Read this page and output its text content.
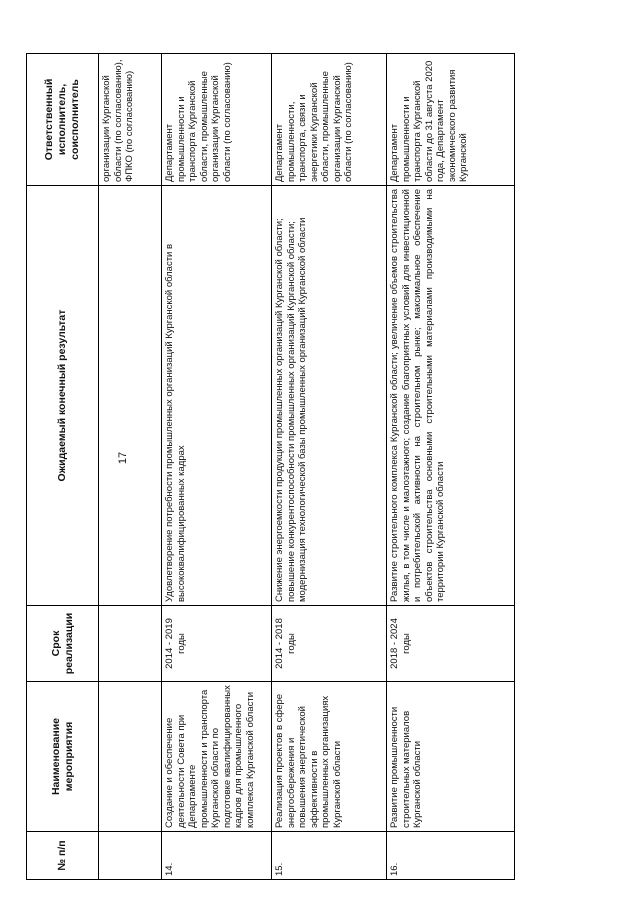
17
№ п/п	Наименование мероприятия	Срок реализации	Ожидаемый конечный результат	Ответственный исполнитель, соисполнитель
				организации Курганской области (по согласованию), ФПКО (по согласованию)
14.	Создание и обеспечение деятельности Совета при Департаменте промышленности и транспорта Курганской области по подготовке квалифицированных кадров для промышленного комплекса Курганской области	2014 - 2019 годы	Удовлетворение потребности промышленных организаций Курганской области в высококвалифицированных кадрах	Департамент промышленности и транспорта Курганской области, промышленные организации Курганской области (по согласованию)
15.	Реализация проектов в сфере энергосбережения и повышения энергетической эффективности в промышленных организациях Курганской области	2014 - 2018 годы	Снижение энергоемкости продукции промышленных организаций Курганской области; повышение конкурентоспособности промышленных организаций Курганской области; модернизация технологической базы промышленных организаций Курганской области	Департамент промышленности, транспорта, связи и энергетики Курганской области, промышленные организации Курганской области (по согласованию)
16.	Развитие промышленности строительных материалов Курганской области	2018 - 2024 годы	Развитие строительного комплекса Курганской области; увеличение объемов строительства жилья, в том числе и малоэтажного; создание благоприятных условий для инвестиционной и потребительской активности на строительном рынке; максимальное обеспечение объектов строительства основными строительными материалами производимыми на территории Курганской области	Департамент промышленности и транспорта Курганской области до 31 августа 2020 года, Департамент экономического развития Курганской
